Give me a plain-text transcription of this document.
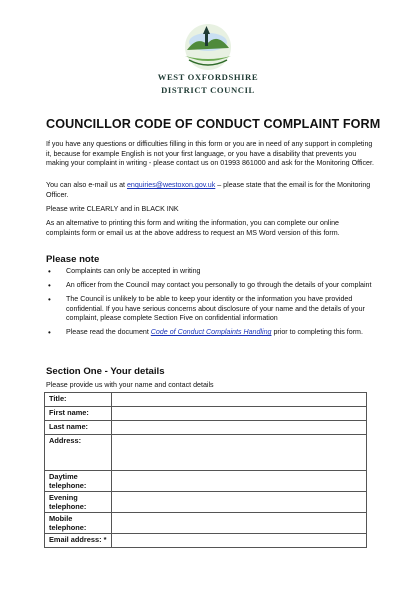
WEST OXFORDSHIRE
DISTRICT COUNCIL
COUNCILLOR CODE OF CONDUCT COMPLAINT FORM
If you have any questions or difficulties filling in this form or you are in need of any support in completing it, because for example English is not your first language, or you have a disability that prevents you making your complaint in writing - please contact us on 01993 861000 and ask for the Monitoring Officer.
You can also e-mail us at enquiries@westoxon.gov.uk – please state that the email is for the Monitoring Officer.
Please write CLEARLY and in BLACK INK
As an alternative to printing this form and writing the information, you can complete our online complaints form or email us at the above address to request an MS Word version of this form.
Please note
• Complaints can only be accepted in writing
• An officer from the Council may contact you personally to go through the details of your complaint
• The Council is unlikely to be able to keep your identity or the information you have provided confidential. If you have serious concerns about disclosure of your name and the details of your complaint, please complete Section Five on confidential information
• Please read the document Code of Conduct Complaints Handling prior to completing this form.
Section One - Your details
Please provide us with your name and contact details
Title:	
First name:	
Last name:	
Address:	
Daytime telephone:	
Evening telephone:	
Mobile telephone:	
Email address: *	
